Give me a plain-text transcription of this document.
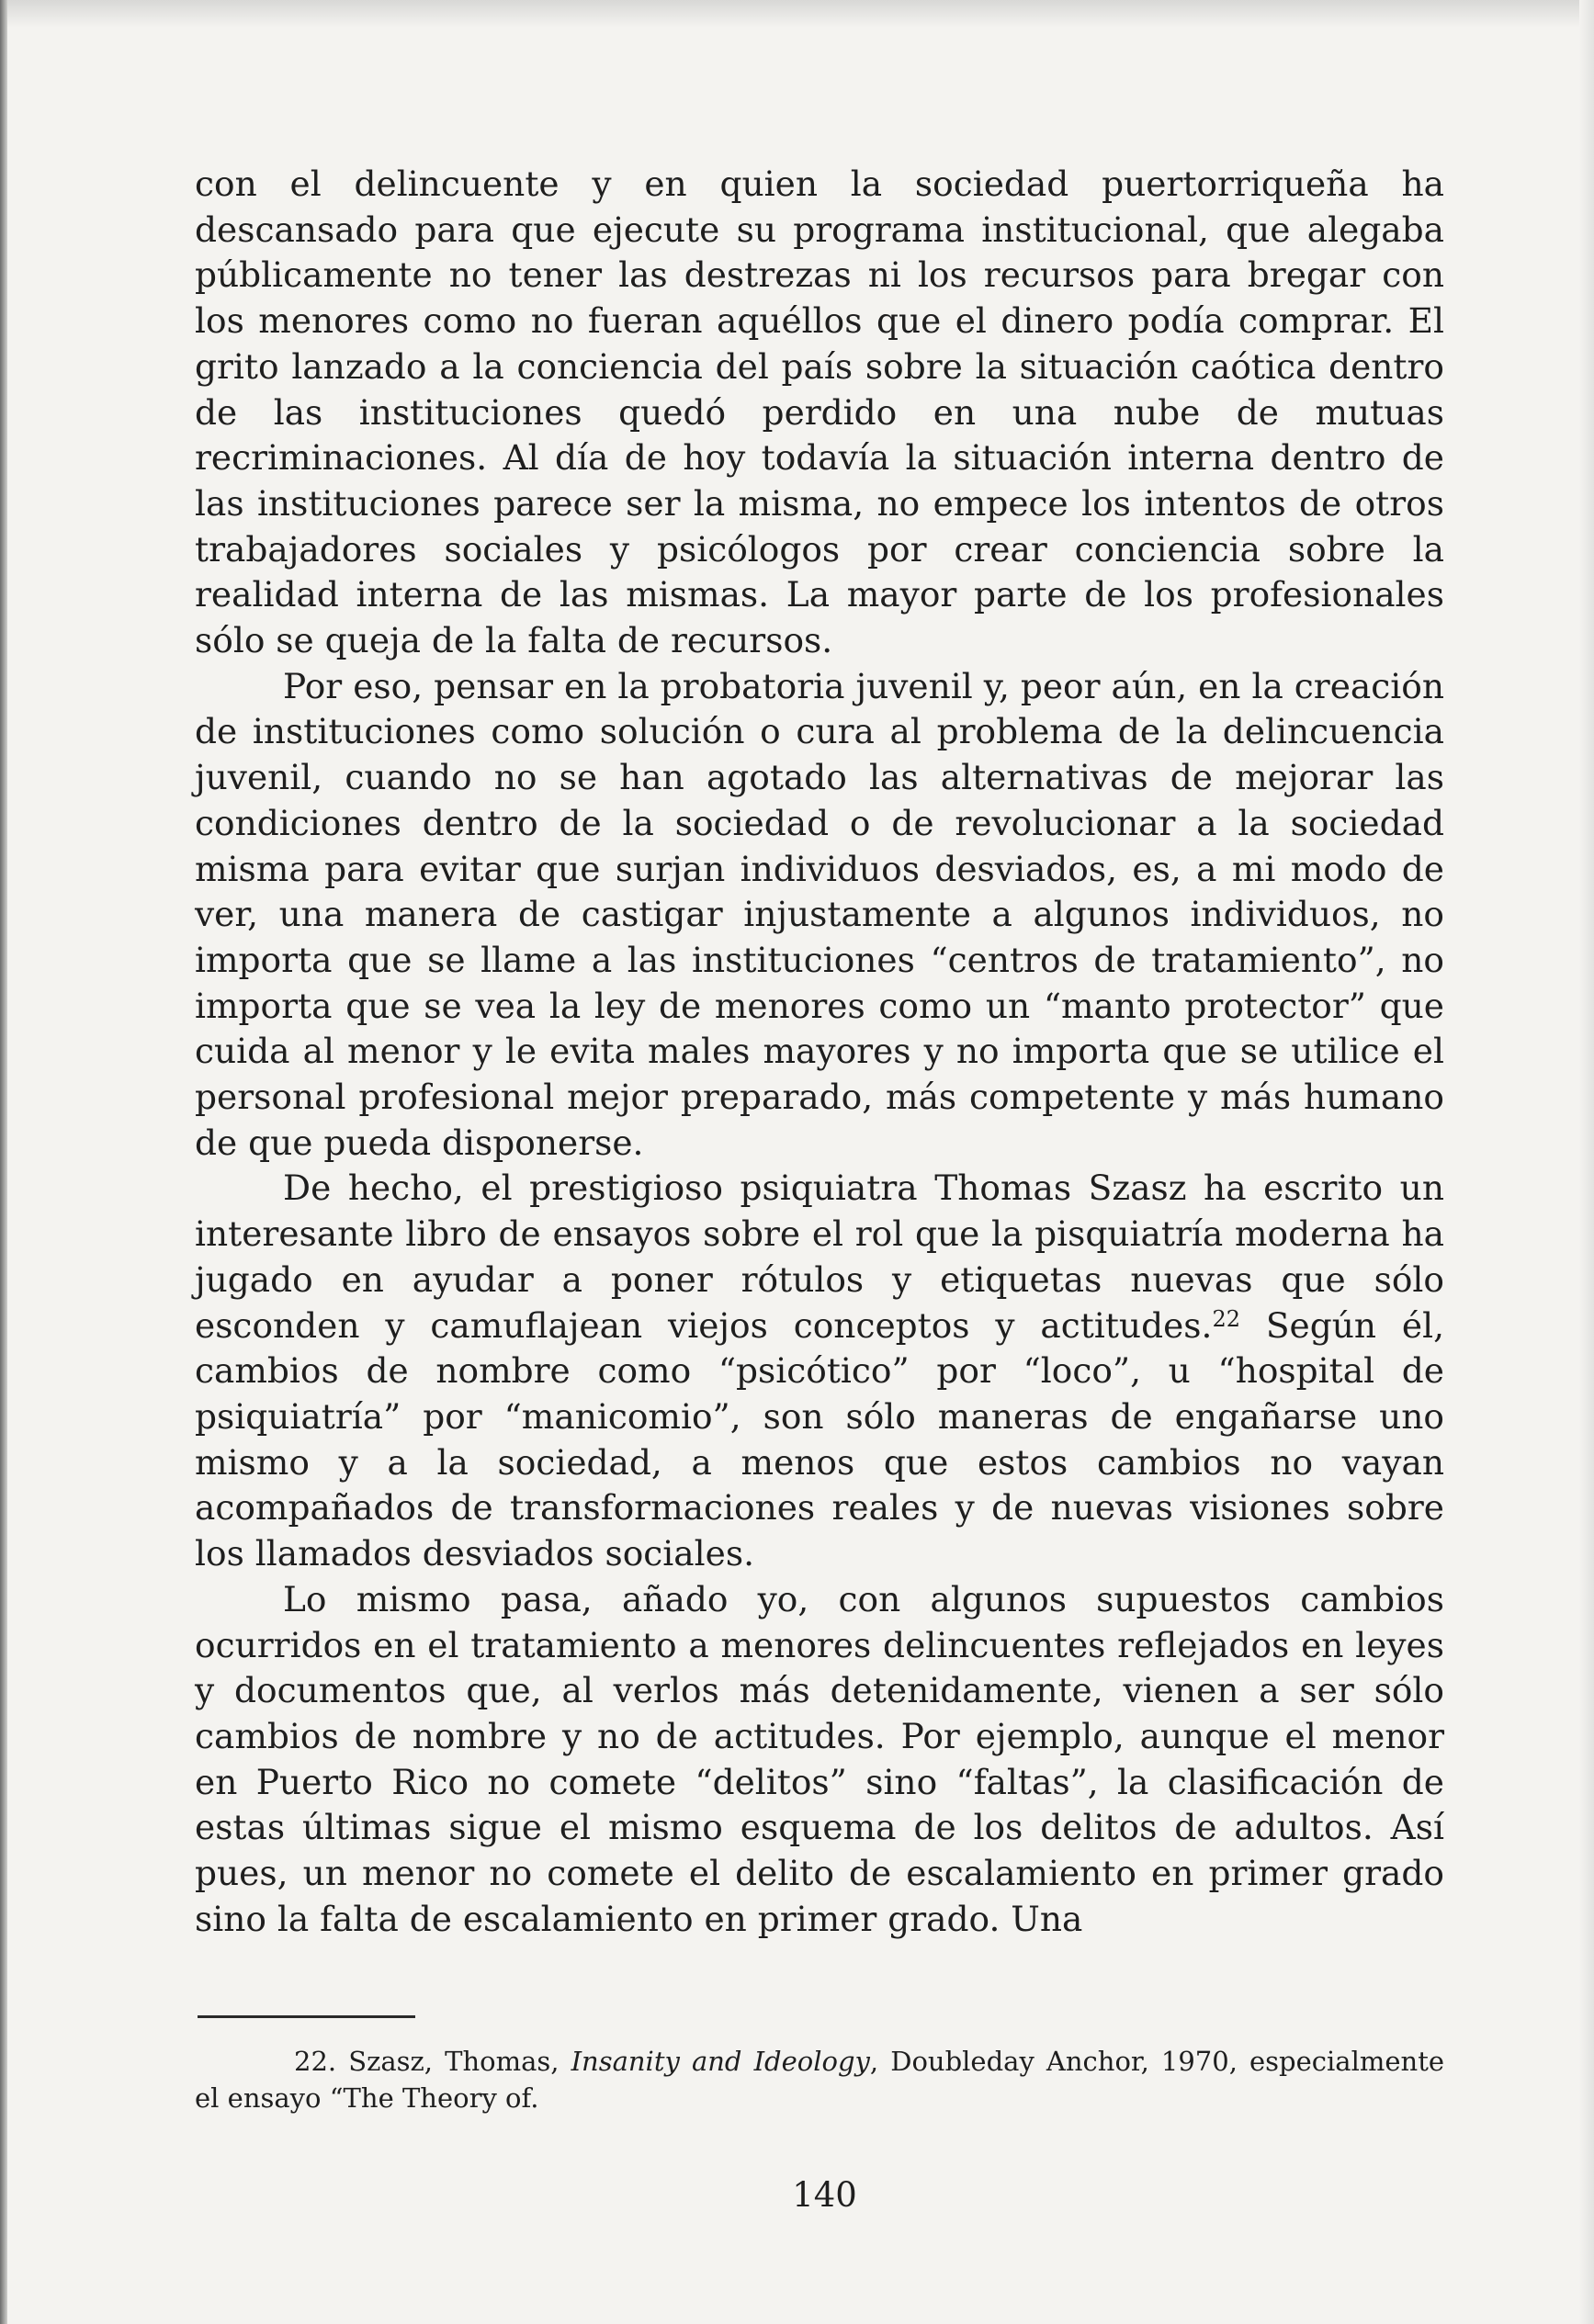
con el delincuente y en quien la sociedad puertorriqueña ha descansado para que ejecute su programa institucional, que alegaba públicamente no tener las destrezas ni los recursos para bregar con los menores como no fueran aquéllos que el dinero podía comprar. El grito lanzado a la conciencia del país sobre la situación caótica dentro de las instituciones quedó perdido en una nube de mutuas recriminaciones. Al día de hoy todavía la situación interna dentro de las instituciones parece ser la misma, no empece los intentos de otros trabajadores sociales y psicólogos por crear conciencia sobre la realidad interna de las mismas. La mayor parte de los profesionales sólo se queja de la falta de recursos.

Por eso, pensar en la probatoria juvenil y, peor aún, en la creación de instituciones como solución o cura al problema de la delincuencia juvenil, cuando no se han agotado las alternativas de mejorar las condiciones dentro de la sociedad o de revolucionar a la sociedad misma para evitar que surjan individuos desviados, es, a mi modo de ver, una manera de castigar injustamente a algunos individuos, no importa que se llame a las instituciones “centros de tratamiento”, no importa que se vea la ley de menores como un “manto protector” que cuida al menor y le evita males mayores y no importa que se utilice el personal profesional mejor preparado, más competente y más humano de que pueda disponerse.

De hecho, el prestigioso psiquiatra Thomas Szasz ha escrito un interesante libro de ensayos sobre el rol que la pisquiatría moderna ha jugado en ayudar a poner rótulos y etiquetas nuevas que sólo esconden y camuflajean viejos conceptos y actitudes.$^{22}$ Según él, cambios de nombre como “psicótico” por “loco”, u “hospital de psiquiatría” por “manicomio”, son sólo maneras de engañarse uno mismo y a la sociedad, a menos que estos cambios no vayan acompañados de transformaciones reales y de nuevas visiones sobre los llamados desviados sociales.

Lo mismo pasa, añado yo, con algunos supuestos cambios ocurridos en el tratamiento a menores delincuentes reflejados en leyes y documentos que, al verlos más detenidamente, vienen a ser sólo cambios de nombre y no de actitudes. Por ejemplo, aunque el menor en Puerto Rico no comete “delitos” sino “faltas”, la clasificación de estas últimas sigue el mismo esquema de los delitos de adultos. Así pues, un menor no comete el delito de escalamiento en primer grado sino la falta de escalamiento en primer grado. Una

22. Szasz, Thomas, Insanity and Ideology, Doubleday Anchor, 1970, especialmente el ensayo “The Theory of.

140
